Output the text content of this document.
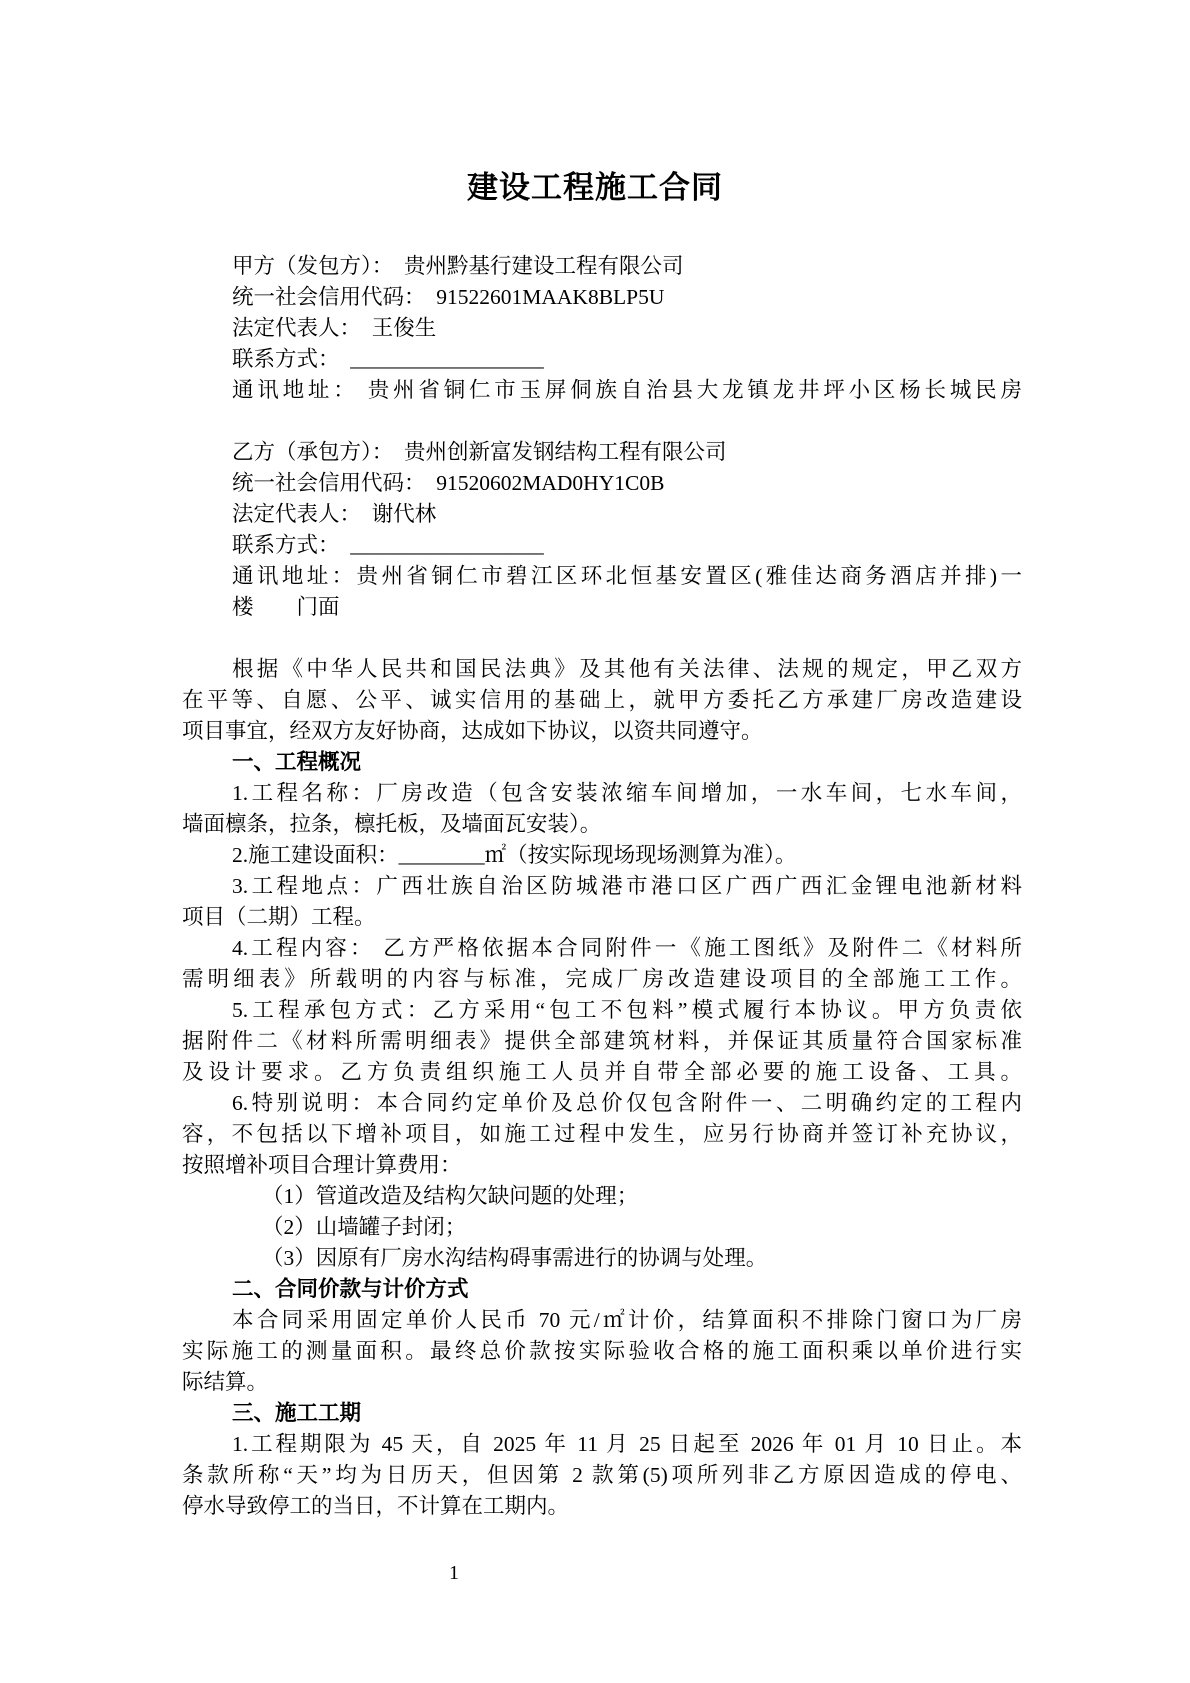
建设工程施工合同
甲方（发包方）：  贵州黔基行建设工程有限公司
统一社会信用代码：  91522601MAAK8BLP5U
法定代表人：  王俊生
联系方式：  __________________
通讯地址： 贵州省铜仁市玉屏侗族自治县大龙镇龙井坪小区杨长城民房
乙方（承包方）：  贵州创新富发钢结构工程有限公司
统一社会信用代码：  91520602MAD0HY1C0B
法定代表人：  谢代林
联系方式：  __________________
通讯地址：贵州省铜仁市碧江区环北恒基安置区(雅佳达商务酒店并排)一
楼　　门面
根据《中华人民共和国民法典》及其他有关法律、法规的规定，甲乙双方
在平等、自愿、公平、诚实信用的基础上，就甲方委托乙方承建厂房改造建设
项目事宜，经双方友好协商，达成如下协议，以资共同遵守。
一、工程概况
1.工程名称：厂房改造（包含安装浓缩车间增加，一水车间，七水车间，
墙面檩条，拉条，檩托板，及墙面瓦安装）。
2.施工建设面积：________㎡（按实际现场现场测算为准）。
3.工程地点：广西壮族自治区防城港市港口区广西广西汇金锂电池新材料
项目（二期）工程。
4.工程内容： 乙方严格依据本合同附件一《施工图纸》及附件二《材料所
需明细表》所载明的内容与标准，完成厂房改造建设项目的全部施工工作。
5.工程承包方式：乙方采用“包工不包料”模式履行本协议。甲方负责依
据附件二《材料所需明细表》提供全部建筑材料，并保证其质量符合国家标准
及设计要求。乙方负责组织施工人员并自带全部必要的施工设备、工具。
6.特别说明：本合同约定单价及总价仅包含附件一、二明确约定的工程内
容，不包括以下增补项目，如施工过程中发生，应另行协商并签订补充协议，
按照增补项目合理计算费用：
（1）管道改造及结构欠缺问题的处理；
（2）山墙罐子封闭；
（3）因原有厂房水沟结构碍事需进行的协调与处理。
二、合同价款与计价方式
本合同采用固定单价人民币 70 元/㎡计价，结算面积不排除门窗口为厂房
实际施工的测量面积。最终总价款按实际验收合格的施工面积乘以单价进行实
际结算。
三、施工工期
1.工程期限为 45 天，自 2025 年 11 月 25 日起至 2026 年 01 月 10 日止。本
条款所称“天”均为日历天，但因第 2 款第(5)项所列非乙方原因造成的停电、
停水导致停工的当日，不计算在工期内。
1
